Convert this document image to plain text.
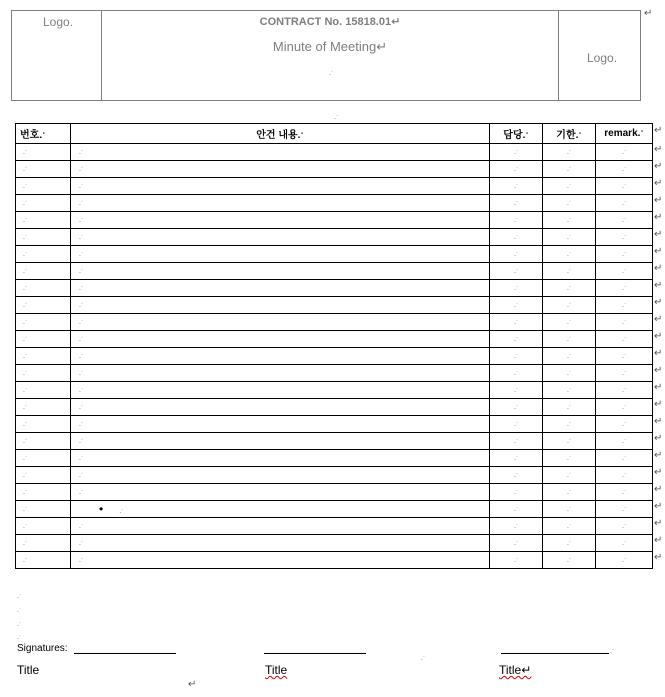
Logo.
Logo.
CONTRACT No. 15818.01↵
Minute of Meeting↵
.ˑ
↵
.ˑ
번호.ˑ	안건 내용.ˑ	담당.ˑ	기한.ˑ	remark.ˑ
.ˑ	.ˑ	.ˑ	.ˑ	.ˑ
.ˑ	.ˑ	.ˑ	.ˑ	.ˑ
.ˑ	.ˑ	.ˑ	.ˑ	.ˑ
.ˑ	.ˑ	.ˑ	.ˑ	.ˑ
.ˑ	.ˑ	.ˑ	.ˑ	.ˑ
.ˑ	.ˑ	.ˑ	.ˑ	.ˑ
.ˑ	.ˑ	.ˑ	.ˑ	.ˑ
.ˑ	.ˑ	.ˑ	.ˑ	.ˑ
.ˑ	.ˑ	.ˑ	.ˑ	.ˑ
.ˑ	.ˑ	.ˑ	.ˑ	.ˑ
.ˑ	.ˑ	.ˑ	.ˑ	.ˑ
.ˑ	.ˑ	.ˑ	.ˑ	.ˑ
.ˑ	.ˑ	.ˑ	.ˑ	.ˑ
.ˑ	.ˑ	.ˑ	.ˑ	.ˑ
.ˑ	.ˑ	.ˑ	.ˑ	.ˑ
.ˑ	.ˑ	.ˑ	.ˑ	.ˑ
.ˑ	.ˑ	.ˑ	.ˑ	.ˑ
.ˑ	.ˑ	.ˑ	.ˑ	.ˑ
.ˑ	.ˑ	.ˑ	.ˑ	.ˑ
.ˑ	.ˑ	.ˑ	.ˑ	.ˑ
.ˑ	.ˑ	.ˑ	.ˑ	.ˑ
.ˑ	• .ˑ	.ˑ	.ˑ	.ˑ
.ˑ	.ˑ	.ˑ	.ˑ	.ˑ
.ˑ	.ˑ	.ˑ	.ˑ	.ˑ
.ˑ	.ˑ	.ˑ	.ˑ	.ˑ
↵
↵
↵
↵
↵
↵
↵
↵
↵
↵
↵
↵
↵
↵
↵
↵
↵
↵
↵
↵
↵
↵
↵
↵
↵
↵
.ˑ
.ˑ
.ˑ
.ˑ
Signatures:	.ˑ
.ˑ
Title	Title	Title↵
↵
